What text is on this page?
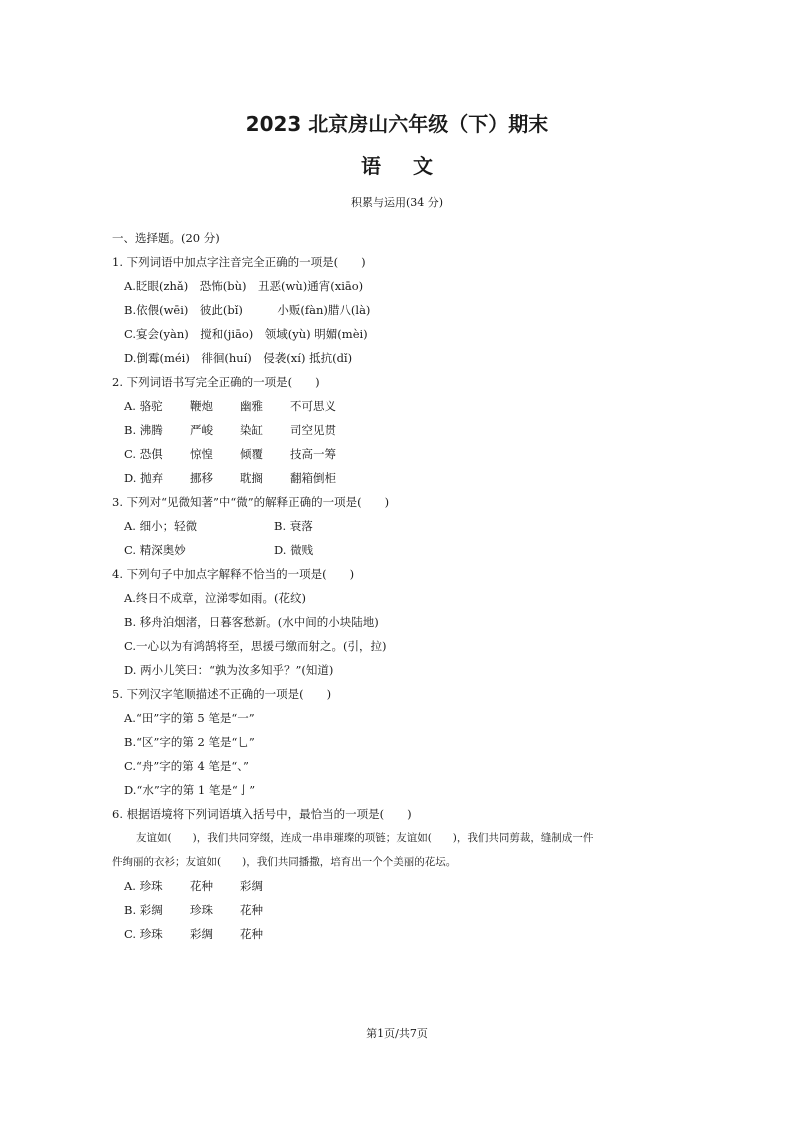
2023 北京房山六年级（下）期末
语文
积累与运用(34 分)
一、选择题。(20 分)
1. 下列词语中加点字注音完全正确的一项是(　　)
A.眨眼(zhǎ)　恐怖(bù)　丑恶(wù)通宵(xiāo)
B.依偎(wēi)　彼此(bǐ)　　　小贩(fàn)腊八(là)
C.宴会(yàn)　搅和(jiāo)　领域(yù) 明媚(mèi)
D.倒霉(méi)　徘徊(huí)　侵袭(xí) 抵抗(dǐ)
2. 下列词语书写完全正确的一项是(　　)
A. 骆驼 鞭炮 幽雅 不可思义
B. 沸腾 严峻 染缸 司空见贯
C. 恐俱 惊惶 倾覆 技高一筹
D. 抛弃 挪移 耽搁 翻箱倒柜
3. 下列对“见微知著”中“微”的解释正确的一项是(　　)
A. 细小；轻微	B. 衰落
C. 精深奥妙	D. 微贱
4. 下列句子中加点字解释不恰当的一项是(　　)
A.终日不成章，泣涕零如雨。(花纹)
B. 移舟泊烟渚，日暮客愁新。(水中间的小块陆地)
C.一心以为有鸿鹄将至，思援弓缴而射之。(引，拉)
D. 两小儿笑曰：“孰为汝多知乎？”(知道)
5. 下列汉字笔顺描述不正确的一项是(　　)
A.“田”字的第 5 笔是“一”
B.“区”字的第 2 笔是“乚”
C.“舟”字的第 4 笔是“、”
D.“水”字的第 1 笔是“亅”
6. 根据语境将下列词语填入括号中，最恰当的一项是(　　)
友谊如(　　)，我们共同穿缀，连成一串串璀璨的项链；友谊如(　　)，我们共同剪裁，缝制成一件
件绚丽的衣衫；友谊如(　　)，我们共同播撒，培育出一个个美丽的花坛。
A. 珍珠 花种 彩绸
B. 彩绸 珍珠 花种
C. 珍珠 彩绸 花种
第1页/共7页
